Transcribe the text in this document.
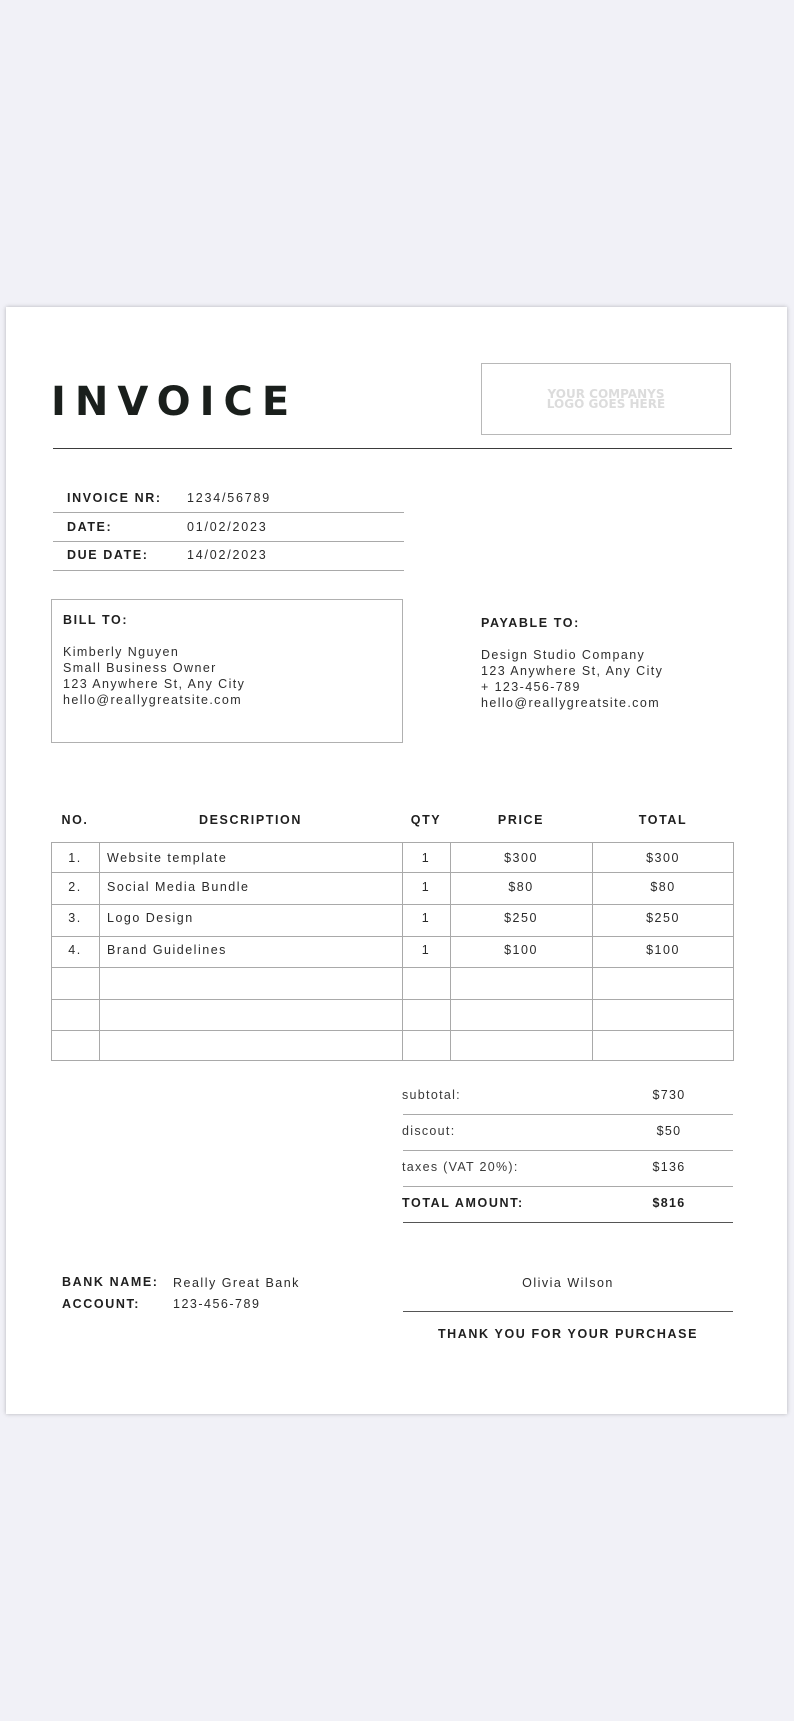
INVOICE	YOUR COMPANYS
LOGO GOES HERE
INVOICE NR: 1234/56789
DATE:	01/02/2023
DUE DATE:	14/02/2023
BILL TO:
Kimberly Nguyen
Small Business Owner
123 Anywhere St, Any City
hello@reallygreatsite.com
PAYABLE TO:
Design Studio Company
123 Anywhere St, Any City
+ 123-456-789
hello@reallygreatsite.com
NO.	DESCRIPTION	QTY	PRICE	TOTAL
1.	Website template	1	$300	$300
2.	Social Media Bundle	1	$80	$80
3.	Logo Design	1	$250	$250
4.	Brand Guidelines	1	$100	$100
subtotal:	$730
discout:	$50
taxes (VAT 20%):	$136
TOTAL AMOUNT:	$816
BANK NAME: Really Great Bank
ACCOUNT:	123-456-789
Olivia Wilson
THANK YOU FOR YOUR PURCHASE
